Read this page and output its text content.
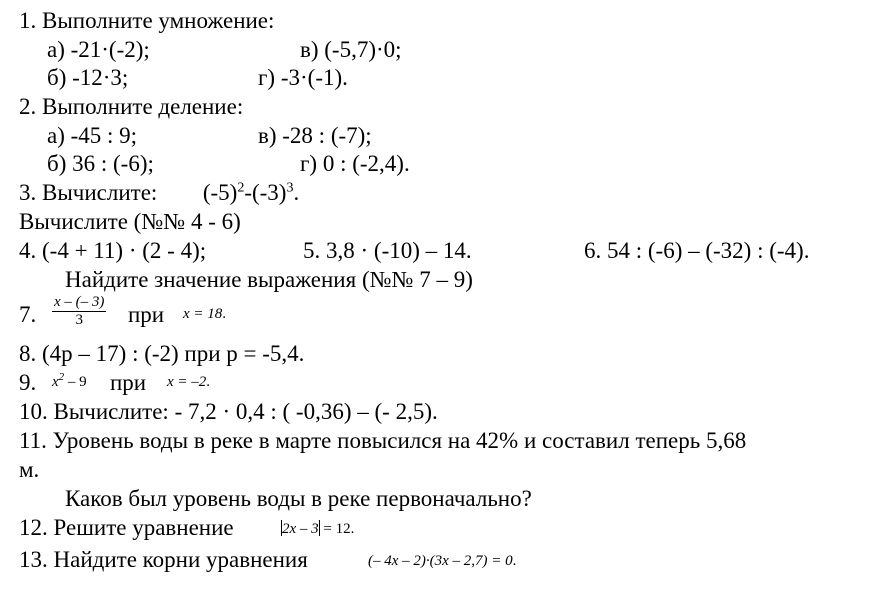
1. Выполните умножение:
а) -21·(-2);	в) (-5,7)·0;
б) -12·3;	г) -3·(-1).
2. Выполните деление:
а) -45 : 9;	в) -28 : (-7);
б) 36 : (-6);	г) 0 : (-2,4).
3. Вычислите: $(-5)^2-(-3)^3$.
Вычислите (№№ 4 - 6)
4. (-4 + 11) · (2 - 4);	5. 3,8 · (-10) – 14.	6. 54 : (-6) – (-32) : (-4).
Найдите значение выражения (№№ 7 – 9)
7. $\frac{x - (- 3)}{3}$ при x = 18.
8. (4p – 17) : (-2) при p = -5,4.
9. $x^2 - 9$ при x = –2.
10. Вычислите: - 7,2 · 0,4 : ( -0,36) – (- 2,5).
11. Уровень воды в реке в марте повысился на 42% и составил теперь 5,68
м.
Каков был уровень воды в реке первоначально?
12. Решите уравнение	2x – 3 = 12.
13. Найдите корни уравнения	(– 4x – 2)·(3x – 2,7) = 0.
